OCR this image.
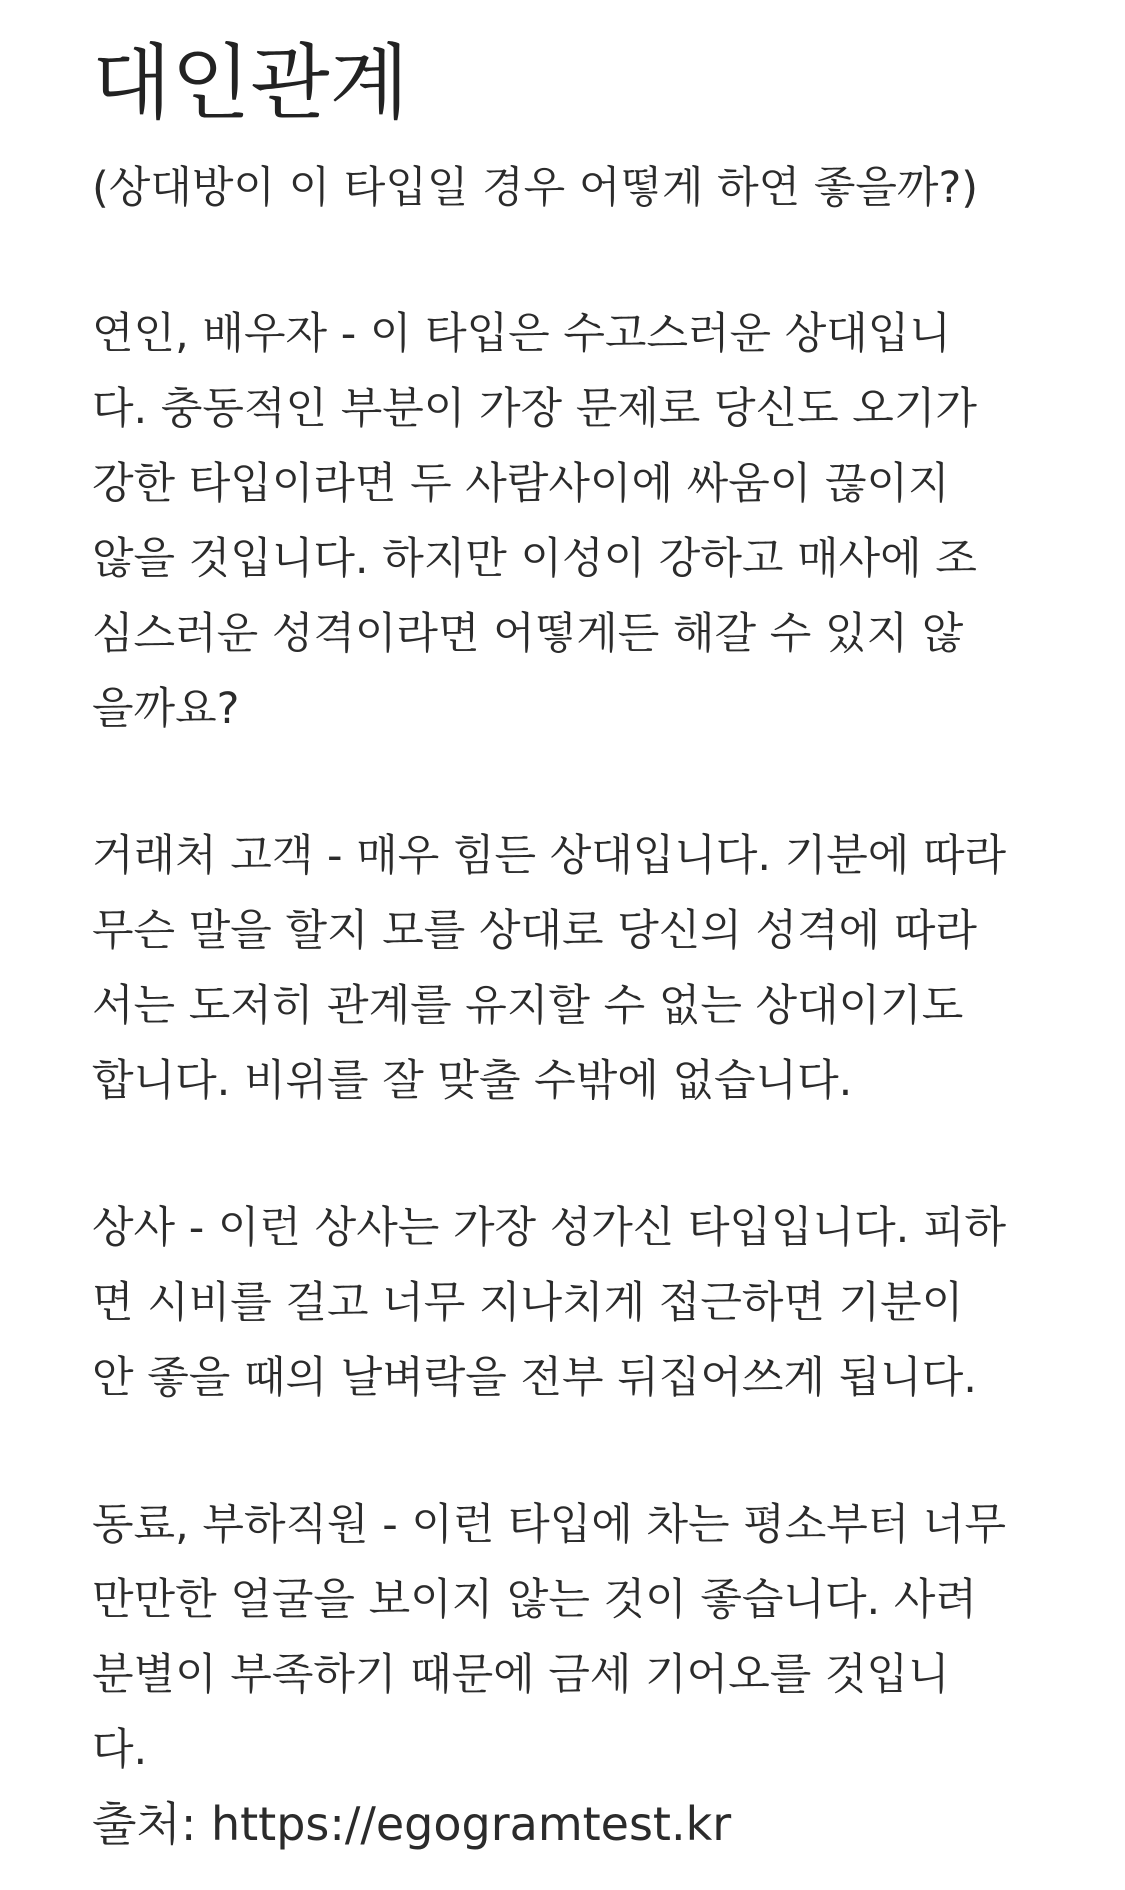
대인관계

(상대방이 이 타입일 경우 어떻게 하연 좋을까?)

연인, 배우자 - 이 타입은 수고스러운 상대입니

다. 충동적인 부분이 가장 문제로 당신도 오기가

강한 타입이라면 두 사람사이에 싸움이 끊이지

않을 것입니다. 하지만 이성이 강하고 매사에 조

심스러운 성격이라면 어떻게든 해갈 수 있지 않

을까요?

거래처 고객 - 매우 힘든 상대입니다. 기분에 따라

무슨 말을 할지 모를 상대로 당신의 성격에 따라

서는 도저히 관계를 유지할 수 없는 상대이기도

합니다. 비위를 잘 맞출 수밖에 없습니다.

상사 - 이런 상사는 가장 성가신 타입입니다. 피하

면 시비를 걸고 너무 지나치게 접근하면 기분이

안 좋을 때의 날벼락을 전부 뒤집어쓰게 됩니다.

동료, 부하직원 - 이런 타입에 차는 평소부터 너무

만만한 얼굴을 보이지 않는 것이 좋습니다. 사려

분별이 부족하기 때문에 금세 기어오를 것입니

다.

출처: https://egogramtest.kr
